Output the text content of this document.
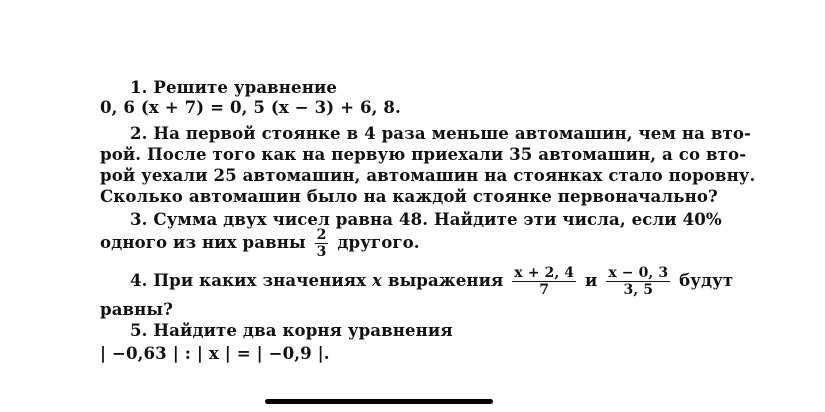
1. Решите уравнение
0, 6 (x + 7) = 0, 5 (x − 3) + 6, 8.
2. На первой стоянке в 4 раза меньше автомашин, чем на вто-
рой. После того как на первую приехали 35 автомашин, а со вто-
рой уехали 25 автомашин, автомашин на стоянках стало поровну.
Сколько автомашин было на каждой стоянке первоначально?
3. Сумма двух чисел равна 48. Найдите эти числа, если 40%
одного из них равны $\frac{2}{3}$ другого.
4. При каких значениях x выражения $\frac{x + 2, 4}{7}$ и $\frac{x - 0, 3}{3, 5}$ будут
равны?
5. Найдите два корня уравнения
| −0,63 | : | x | = | −0,9 |.
